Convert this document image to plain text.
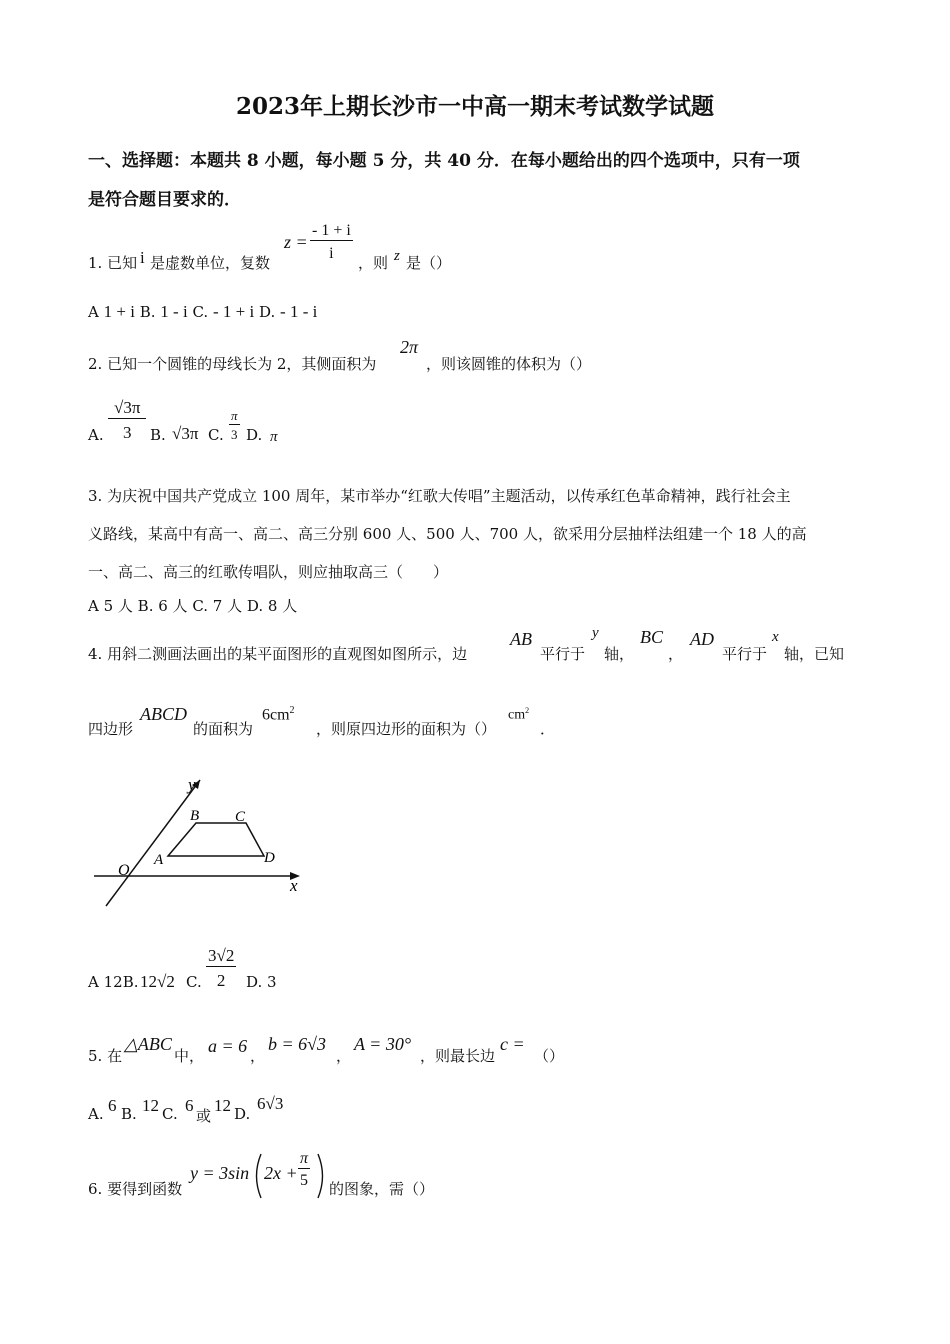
2023年上期长沙市一中高一期末考试数学试题
一、选择题：本题共 8 小题，每小题 5 分，共 40 分．在每小题给出的四个选项中，只有一项
是符合题目要求的．
1. 已知 i 是虚数单位，复数
$z = \frac{- 1 + i}{i}$ ，则 z 是（）
A 1 + i B. 1 - i C. - 1 + i D. - 1 - i
2. 已知一个圆锥的母线长为 2，其侧面积为
2π
，则该圆锥的体积为（）
A. $\frac{√3\pi}{3} B$. √3π C. $\frac{\pi}{3} D$. π
3. 为庆祝中国共产党成立 100 周年，某市举办“红歌大传唱”主题活动，以传承红色革命精神，践行社会主
义路线，某高中有高一、高二、高三分别 600 人、500 人、700 人，欲采用分层抽样法组建一个 18 人的高
一、高二、高三的红歌传唱队，则应抽取高三（　　）
A 5 人 B. 6 人 C. 7 人 D. 8 人
4. 用斜二测画法画出的某平面图形的直观图如图所示，边
AB
平行于
y
轴，
BC
，
AD
平行于
x
轴，已知
四边形
ABCD
的面积为
$6cm^2$
，则原四边形的面积为（）
$cm^2$
．
y
x
O
A
B C
D
A 12B. 12√2 C. $\frac{3√2}{2} D$. 3
5. 在
△ABC
中， a = 6 ，
b = 6√3
，
A = 30°
，则最长边
c =
（）
A. 6 B. 12 C. 6
或
12 D.
6√3
6. 要得到函数
y = 3sin $2x + \frac{\pi}{5}$ 的图象，需（）
